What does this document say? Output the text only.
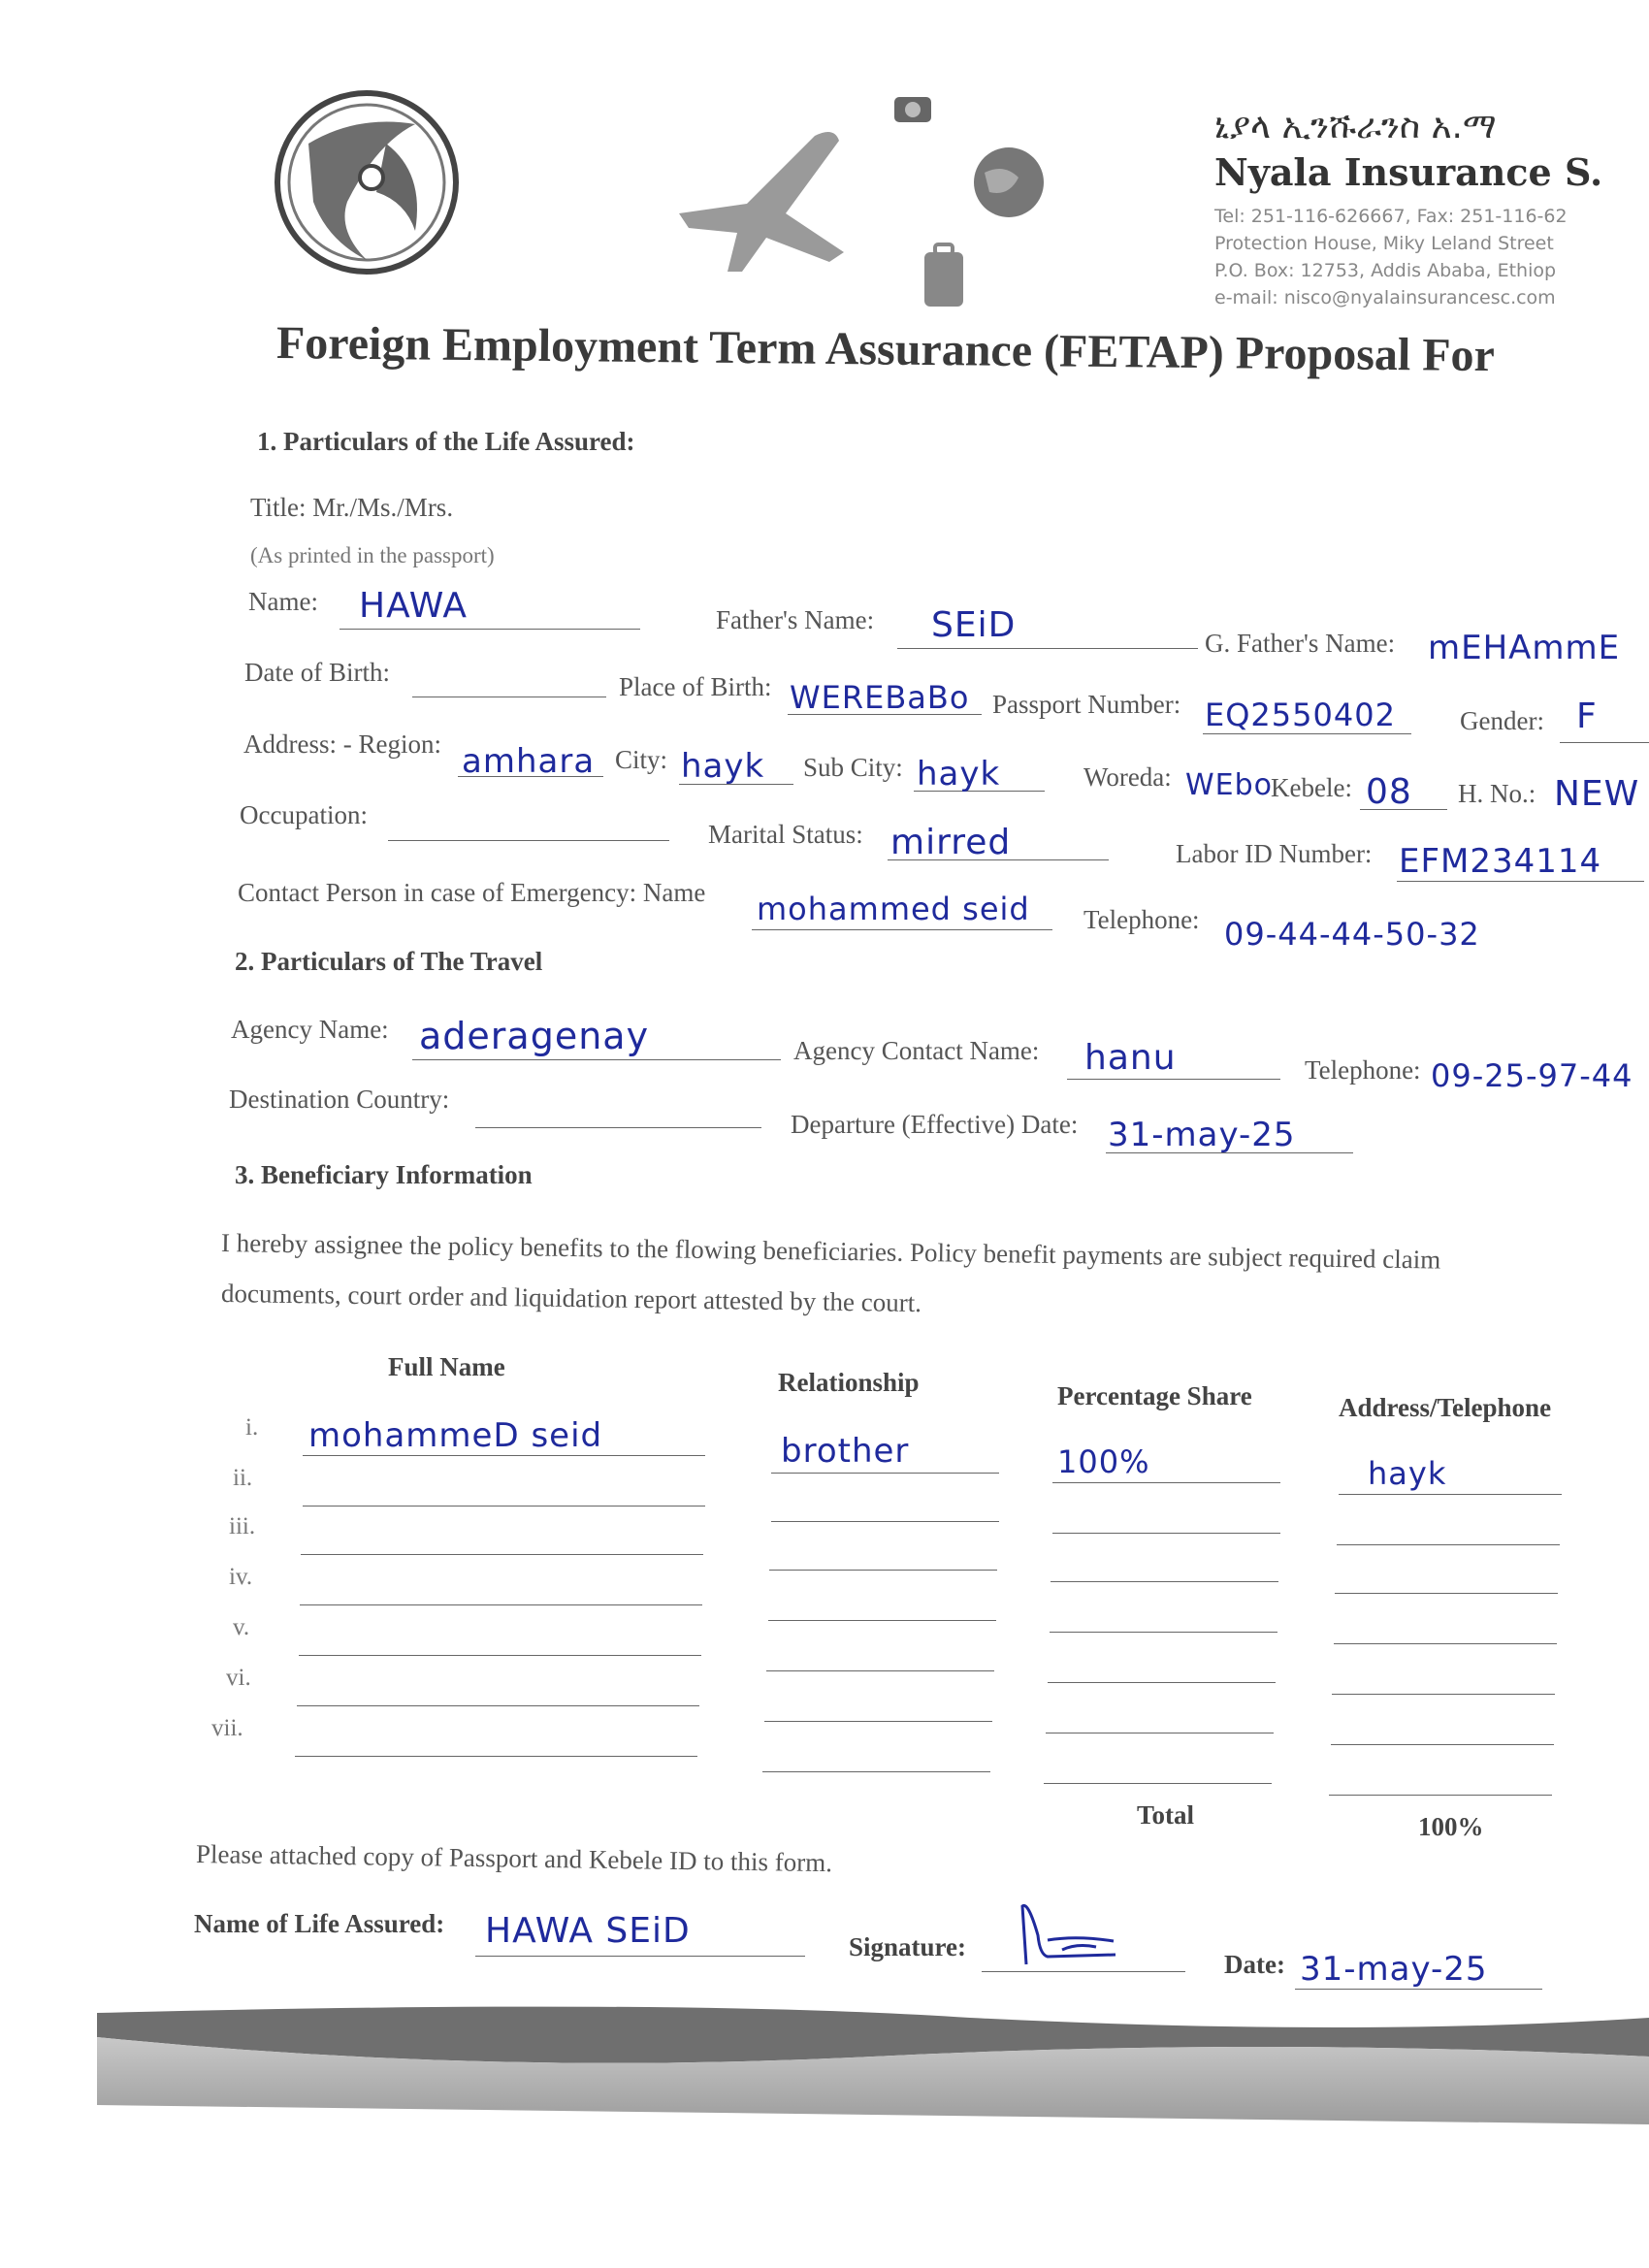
ኒያላ ኢንሹራንስ አ.ማ
Nyala Insurance S.
Tel: 251-116-626667, Fax: 251-116-62
Protection House, Miky Leland Street
P.O. Box: 12753, Addis Ababa, Ethiop
e-mail: nisco@nyalainsurancesc.com
Foreign Employment Term Assurance (FETAP) Proposal For
1. Particulars of the Life Assured:
Title: Mr./Ms./Mrs.
(As printed in the passport)
Name: HAWA	Father's Name: SEiD	G. Father's Name: mEHAmmE
Date of Birth:	Place of Birth: WEREBaBo Passport Number: EQ2550402 Gender: F
Address: - Region: amhara City: hayk Sub City: hayk	Woreda: WEbo
Kebele: 08 H. No.: NEW
Occupation:
Marital Status: mirred	Labor ID Number: EFM234114
Contact Person in case of Emergency: Name mohammed seid Telephone: 09-44-44-50-32
2. Particulars of The Travel
Agency Name: aderagenay	Agency Contact Name: hanu	Telephone: 09-25-97-44
Destination Country:
Departure (Effective) Date: 31-may-25
3. Beneficiary Information
I hereby assignee the policy benefits to the flowing beneficiaries. Policy benefit payments are subject required claim
documents, court order and liquidation report attested by the court.
Full Name
Relationship	Percentage Share	Address/Telephone
i. mohammeD seid	brother	100%	hayk
ii.
iii.
iv.
v.
vi.
vii.
Total	100%
Please attached copy of Passport and Kebele ID to this form.
Name of Life Assured: HAWA SEiD	Signature:
Date: 31-may-25
